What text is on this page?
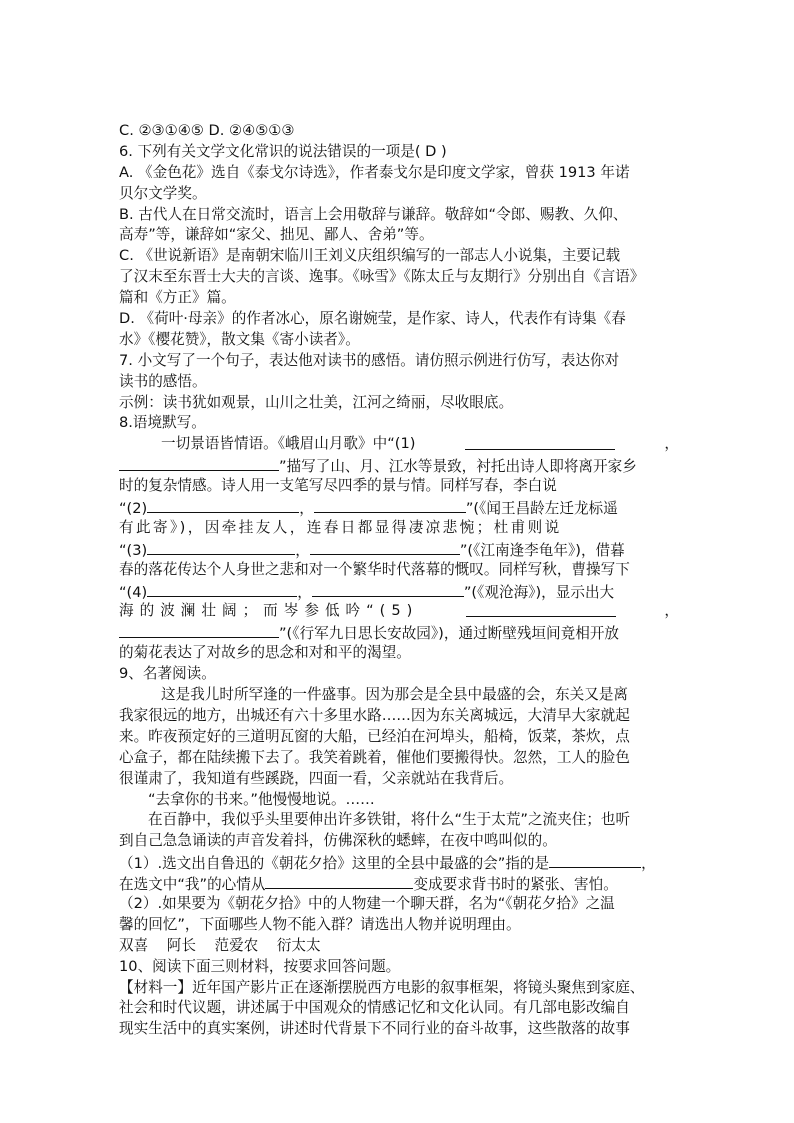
C. ②③①④⑤ D. ②④⑤①③
6. 下列有关文学文化常识的说法错误的一项是( D )
A. 《金色花》选自《泰戈尔诗选》，作者泰戈尔是印度文学家，曾获 1913 年诺
贝尔文学奖。
B. 古代人在日常交流时，语言上会用敬辞与谦辞。敬辞如“令郎、赐教、久仰、
高寿”等，谦辞如“家父、拙见、鄙人、舍弟”等。
C. 《世说新语》是南朝宋临川王刘义庆组织编写的一部志人小说集，主要记载
了汉末至东晋士大夫的言谈、逸事。《咏雪》《陈太丘与友期行》分别出自《言语》
篇和《方正》篇。
D. 《荷叶·母亲》的作者冰心，原名谢婉莹，是作家、诗人，代表作有诗集《春
水》《樱花赞》，散文集《寄小读者》。
7. 小文写了一个句子，表达他对读书的感悟。请仿照示例进行仿写，表达你对
读书的感悟。
示例：读书犹如观景，山川之壮美，江河之绮丽，尽收眼底。
8.语境默写。
一切景语皆情语。《峨眉山月歌》中“(1)	，
”描写了山、月、江水等景致，衬托出诗人即将离开家乡
时的复杂情感。诗人用一支笔写尽四季的景与情。同样写春，李白说
“(2)	，	”(《闻王昌龄左迁龙标遥
有此寄》)，因牵挂友人，连春日都显得凄凉悲惋；杜甫则说
“(3)	，	”(《江南逢李龟年》)，借暮
春的落花传达个人身世之悲和对一个繁华时代落幕的慨叹。同样写秋，曹操写下
“(4)	，	”(《观沧海》)，显示出大
海的波澜壮阔；而岑参低吟“(5)	，
”(《行军九日思长安故园》)，通过断壁残垣间竟相开放
的菊花表达了对故乡的思念和对和平的渴望。
9、名著阅读。
这是我儿时所罕逢的一件盛事。因为那会是全县中最盛的会，东关又是离
我家很远的地方，出城还有六十多里水路……因为东关离城远，大清早大家就起
来。昨夜预定好的三道明瓦窗的大船，已经泊在河埠头，船椅，饭菜，茶炊，点
心盒子，都在陆续搬下去了。我笑着跳着，催他们要搬得快。忽然，工人的脸色
很谨肃了，我知道有些蹊跷，四面一看，父亲就站在我背后。
“去拿你的书来。”他慢慢地说。……
在百静中，我似乎头里要伸出许多铁钳，将什么“生于太荒”之流夹住；也听
到自己急急诵读的声音发着抖，仿佛深秋的蟋蟀，在夜中鸣叫似的。
（1）.选文出自鲁迅的《朝花夕拾》这里的全县中最盛的会”指的是	，
在选文中“我”的心情从	变成要求背书时的紧张、害怕。
（2）.如果要为《朝花夕拾》中的人物建一个聊天群，名为“《朝花夕拾》之温
馨的回忆”，下面哪些人物不能入群？请选出人物并说明理由。
双喜    阿长    范爱农    衍太太
10、阅读下面三则材料，按要求回答问题。
【材料一】近年国产影片正在逐渐摆脱西方电影的叙事框架，将镜头聚焦到家庭、
社会和时代议题，讲述属于中国观众的情感记忆和文化认同。有几部电影改编自
现实生活中的真实案例，讲述时代背景下不同行业的奋斗故事，这些散落的故事
